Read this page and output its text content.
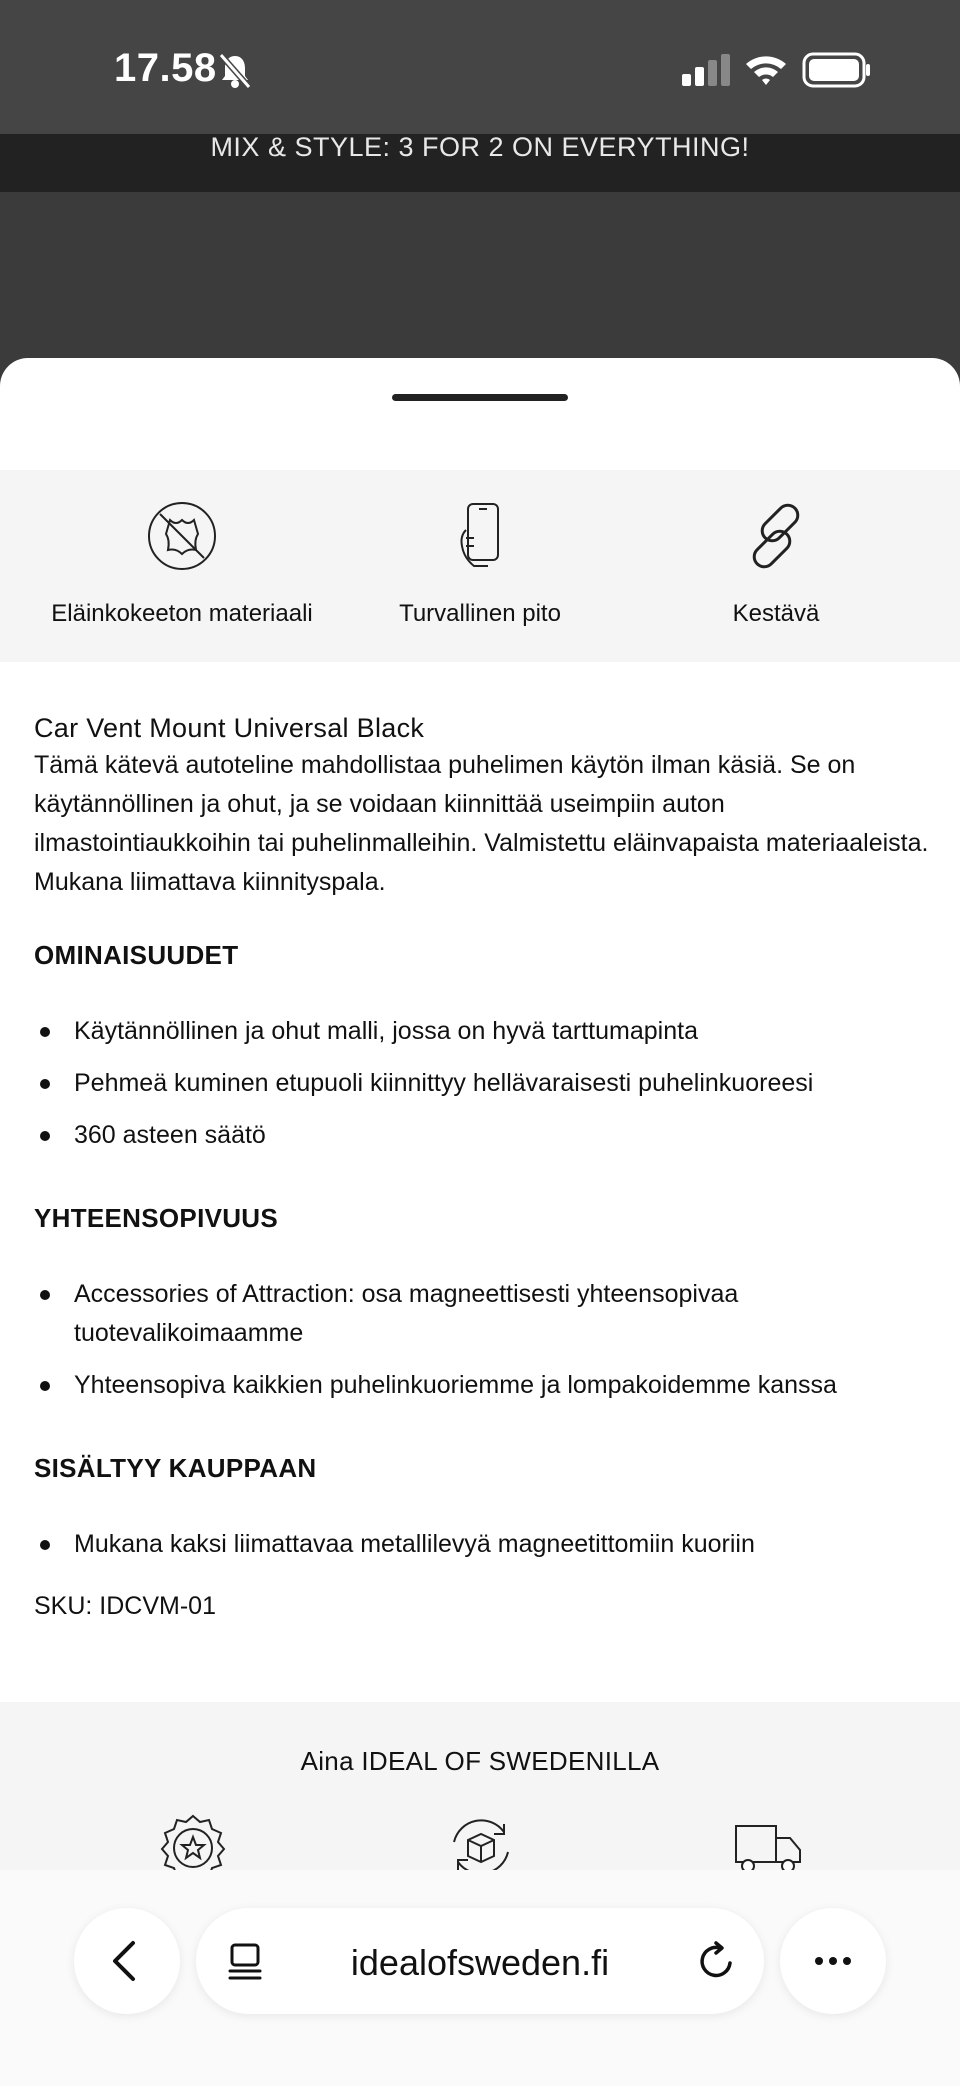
17.58
MIX & STYLE: 3 FOR 2 ON EVERYTHING!
Eläinkokeeton materiaali	Turvallinen pito	Kestävä
Car Vent Mount Universal Black

Tämä kätevä autoteline mahdollistaa puhelimen käytön ilman käsiä. Se on käytännöllinen ja ohut, ja se voidaan kiinnittää useimpiin auton ilmastointiaukkoihin tai puhelinmalleihin. Valmistettu eläinvapaista materiaaleista. Mukana liimattava kiinnityspala.

OMINAISUUDET
Käytännöllinen ja ohut malli, jossa on hyvä tarttumapinta
Pehmeä kuminen etupuoli kiinnittyy hellävaraisesti puhelinkuoreesi
360 asteen säätö
YHTEENSOPIVUUS
Accessories of Attraction: osa magneettisesti yhteensopivaa tuotevalikoimaamme
Yhteensopiva kaikkien puhelinkuoriemme ja lompakoidemme kanssa
SISÄLTYY KAUPPAAN
Mukana kaksi liimattavaa metallilevyä magneetittomiin kuoriin
SKU: IDCVM-01
Aina IDEAL OF SWEDENILLA
idealofsweden.fi
